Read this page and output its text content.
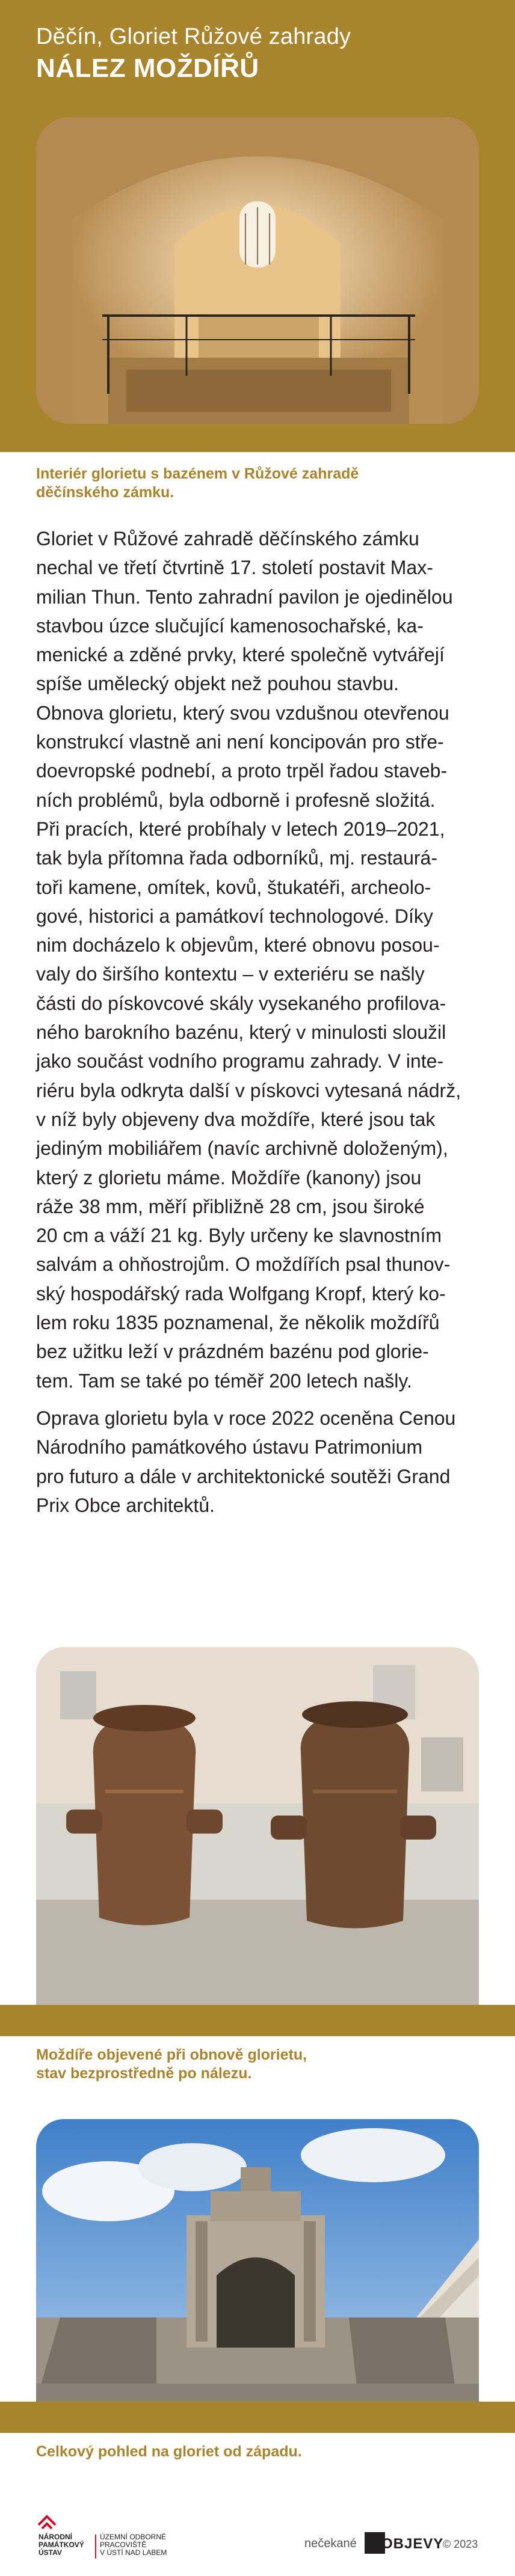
Děčín, Gloriet Růžové zahrady
NÁLEZ MOŽDÍŘŮ
Interiér glorietu s bazénem v Růžové zahradě
děčínského zámku.
Gloriet v Růžové zahradě děčínského zámku
nechal ve třetí čtvrtině 17. století postavit Max-
milian Thun. Tento zahradní pavilon je ojedinělou
stavbou úzce slučující kamenosochařské, ka-
menické a zděné prvky, které společně vytvářejí
spíše umělecký objekt než pouhou stavbu.
Obnova glorietu, který svou vzdušnou otevřenou
konstrukcí vlastně ani není koncipován pro stře-
doevropské podnebí, a proto trpěl řadou staveb-
ních problémů, byla odborně i profesně složitá.
Při pracích, které probíhaly v letech 2019–2021,
tak byla přítomna řada odborníků, mj. restaurá-
toři kamene, omítek, kovů, štukatéři, archeolo-
gové, historici a památkoví technologové. Díky
nim docházelo k objevům, které obnovu posou-
valy do širšího kontextu – v exteriéru se našly
části do pískovcové skály vysekaného profilova-
ného barokního bazénu, který v minulosti sloužil
jako součást vodního programu zahrady. V inte-
riéru byla odkryta další v pískovci vytesaná nádrž,
v níž byly objeveny dva moždíře, které jsou tak
jediným mobiliářem (navíc archivně doloženým),
který z glorietu máme. Moždíře (kanony) jsou
ráže 38 mm, měří přibližně 28 cm, jsou široké
20 cm a váží 21 kg. Byly určeny ke slavnostním
salvám a ohňostrojům. O moždířích psal thunov-
ský hospodářský rada Wolfgang Kropf, který ko-
lem roku 1835 poznamenal, že několik moždířů
bez užitku leží v prázdném bazénu pod gloriе-
tem. Tam se také po téměř 200 letech našly.
Oprava glorietu byla v roce 2022 oceněna Cenou
Národního památkového ústavu Patrimonium
pro futuro a dále v architektonické soutěži Grand
Prix Obce architektů.
Moždíře objevené při obnově glorietu,
stav bezprostředně po nálezu.
Celkový pohled na gloriet od západu.
NÁRODNÍ
PAMÁTKOVÝ
ÚSTAV
ÚZEMNÍ ODBORNÉ
PRACOVIŠTĚ
V ÚSTÍ NAD LABEM
nečekané OBJEVY
© 2023
